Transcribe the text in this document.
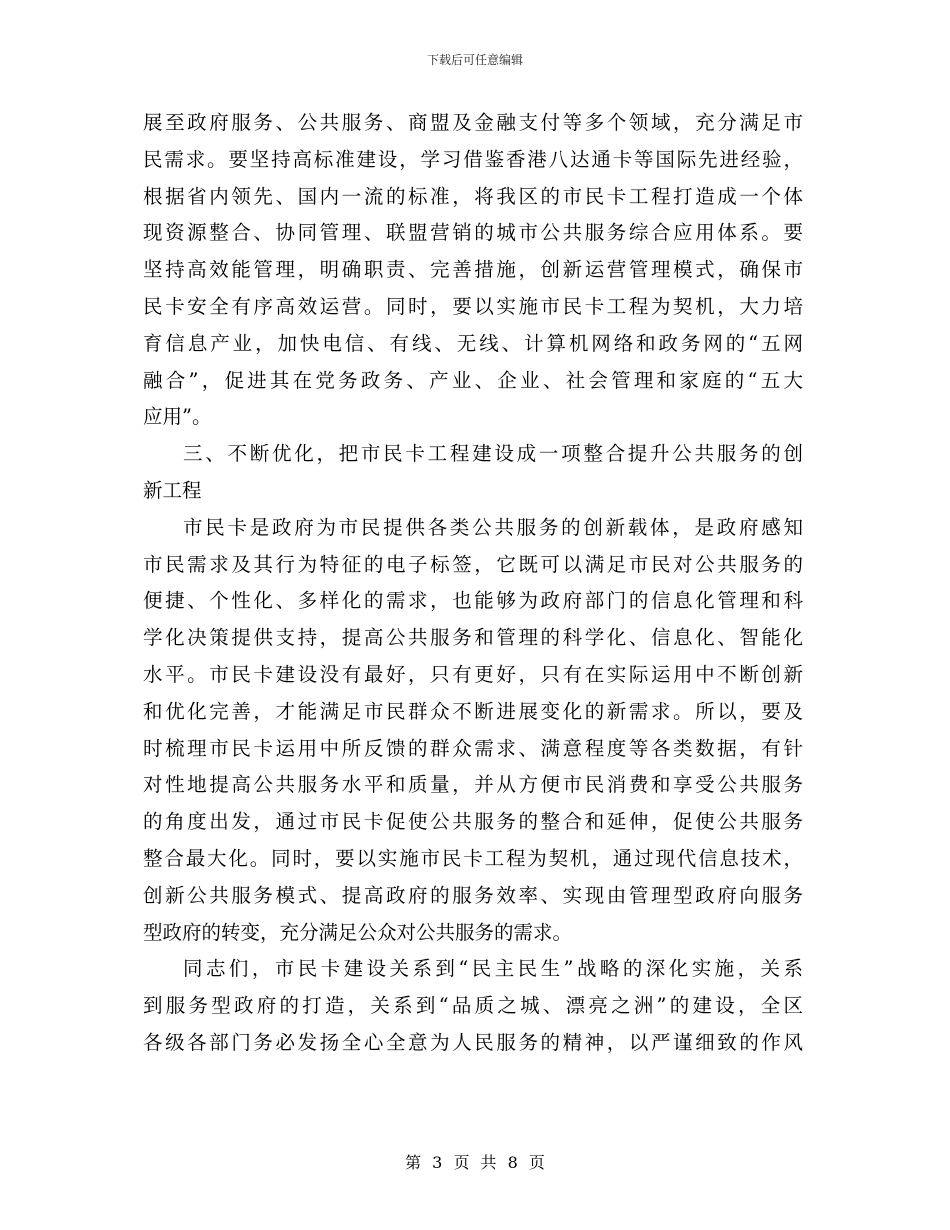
下载后可任意编辑
展至政府服务、公共服务、商盟及金融支付等多个领域，充分满足市
民需求。要坚持高标准建设，学习借鉴香港八达通卡等国际先进经验，
根据省内领先、国内一流的标准，将我区的市民卡工程打造成一个体
现资源整合、协同管理、联盟营销的城市公共服务综合应用体系。要
坚持高效能管理，明确职责、完善措施，创新运营管理模式，确保市
民卡安全有序高效运营。同时，要以实施市民卡工程为契机，大力培
育信息产业，加快电信、有线、无线、计算机网络和政务网的“五网
融合”，促进其在党务政务、产业、企业、社会管理和家庭的“五大
应用”。
三、不断优化，把市民卡工程建设成一项整合提升公共服务的创
新工程
市民卡是政府为市民提供各类公共服务的创新载体，是政府感知
市民需求及其行为特征的电子标签，它既可以满足市民对公共服务的
便捷、个性化、多样化的需求，也能够为政府部门的信息化管理和科
学化决策提供支持，提高公共服务和管理的科学化、信息化、智能化
水平。市民卡建设没有最好，只有更好，只有在实际运用中不断创新
和优化完善，才能满足市民群众不断进展变化的新需求。所以，要及
时梳理市民卡运用中所反馈的群众需求、满意程度等各类数据，有针
对性地提高公共服务水平和质量，并从方便市民消费和享受公共服务
的角度出发，通过市民卡促使公共服务的整合和延伸，促使公共服务
整合最大化。同时，要以实施市民卡工程为契机，通过现代信息技术，
创新公共服务模式、提高政府的服务效率、实现由管理型政府向服务
型政府的转变，充分满足公众对公共服务的需求。
同志们，市民卡建设关系到“民主民生”战略的深化实施，关系
到服务型政府的打造，关系到“品质之城、漂亮之洲”的建设，全区
各级各部门务必发扬全心全意为人民服务的精神，以严谨细致的作风
第 3 页 共 8 页
